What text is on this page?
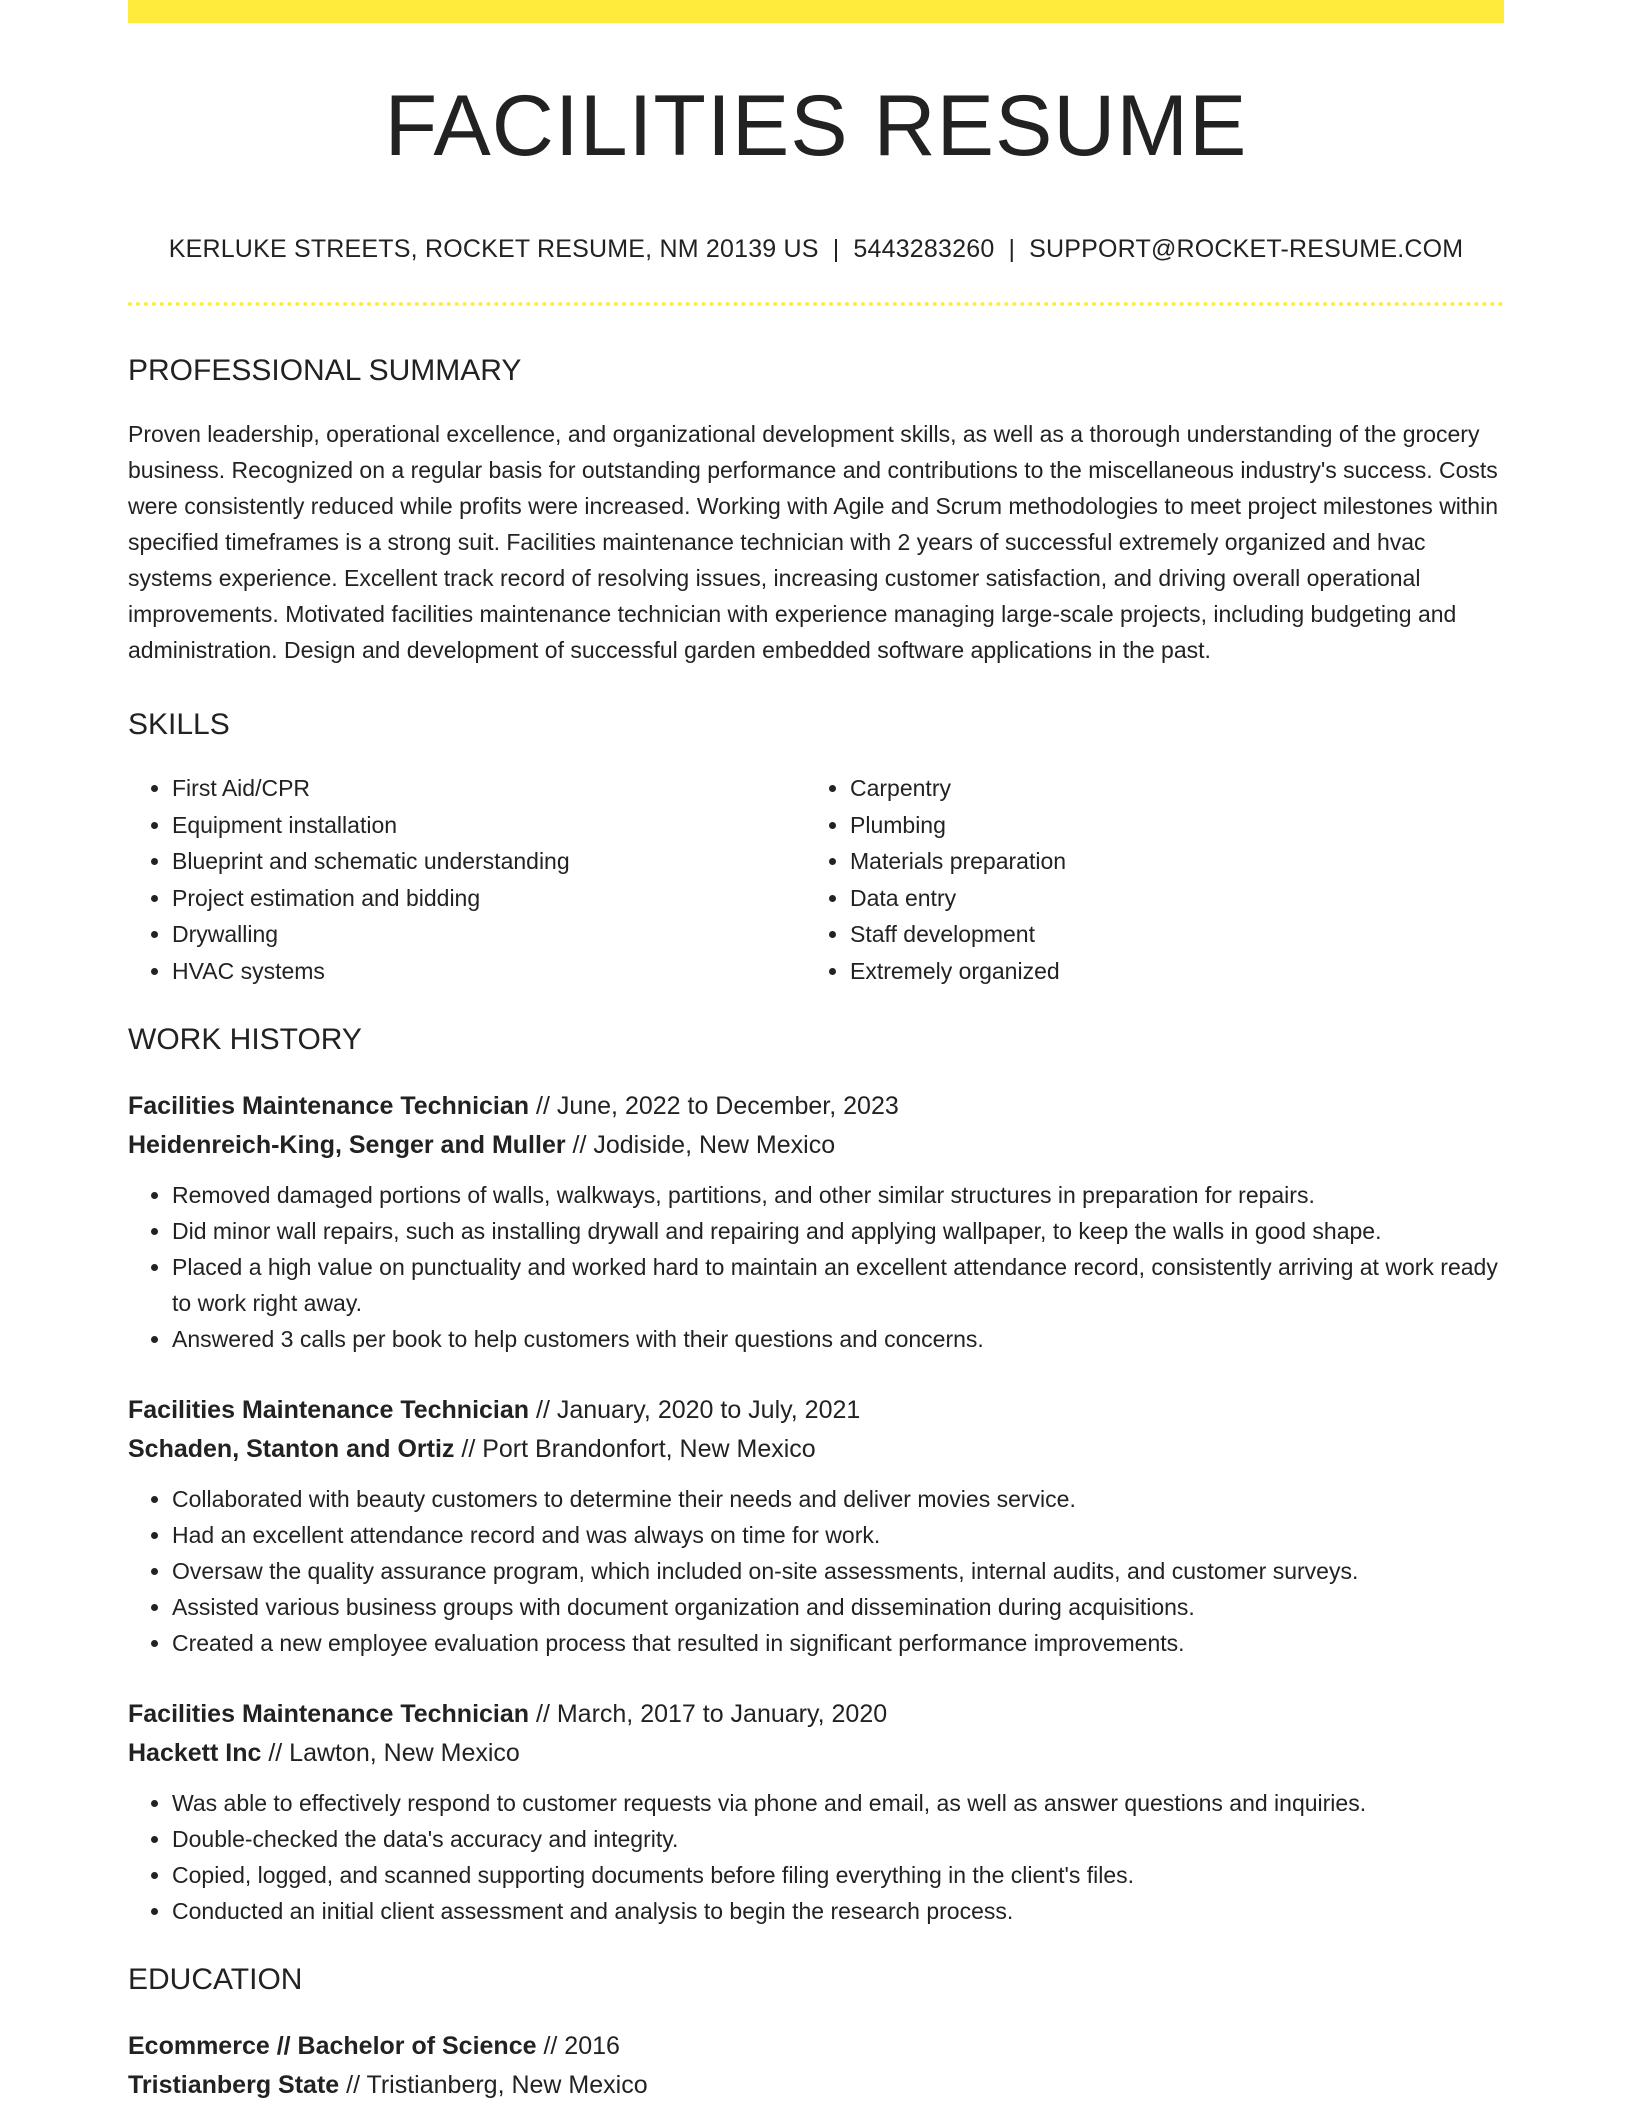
FACILITIES RESUME
KERLUKE STREETS, ROCKET RESUME, NM 20139 US | 5443283260 | SUPPORT@ROCKET-RESUME.COM
PROFESSIONAL SUMMARY

Proven leadership, operational excellence, and organizational development skills, as well as a thorough understanding of the grocery business. Recognized on a regular basis for outstanding performance and contributions to the miscellaneous industry's success. Costs were consistently reduced while profits were increased. Working with Agile and Scrum methodologies to meet project milestones within specified timeframes is a strong suit. Facilities maintenance technician with 2 years of successful extremely organized and hvac systems experience. Excellent track record of resolving issues, increasing customer satisfaction, and driving overall operational improvements. Motivated facilities maintenance technician with experience managing large-scale projects, including budgeting and administration. Design and development of successful garden embedded software applications in the past.

SKILLS
• First Aid/CPR
• Equipment installation
• Blueprint and schematic understanding
• Project estimation and bidding
• Drywalling
• HVAC systems
• Carpentry
• Plumbing
• Materials preparation
• Data entry
• Staff development
• Extremely organized
WORK HISTORY
Facilities Maintenance Technician // June, 2022 to December, 2023
Heidenreich-King, Senger and Muller // Jodiside, New Mexico
• Removed damaged portions of walls, walkways, partitions, and other similar structures in preparation for repairs.
• Did minor wall repairs, such as installing drywall and repairing and applying wallpaper, to keep the walls in good shape.
• Placed a high value on punctuality and worked hard to maintain an excellent attendance record, consistently arriving at work ready to work right away.
• Answered 3 calls per book to help customers with their questions and concerns.
Facilities Maintenance Technician // January, 2020 to July, 2021
Schaden, Stanton and Ortiz // Port Brandonfort, New Mexico
• Collaborated with beauty customers to determine their needs and deliver movies service.
• Had an excellent attendance record and was always on time for work.
• Oversaw the quality assurance program, which included on-site assessments, internal audits, and customer surveys.
• Assisted various business groups with document organization and dissemination during acquisitions.
• Created a new employee evaluation process that resulted in significant performance improvements.
Facilities Maintenance Technician // March, 2017 to January, 2020
Hackett Inc // Lawton, New Mexico
• Was able to effectively respond to customer requests via phone and email, as well as answer questions and inquiries.
• Double-checked the data's accuracy and integrity.
• Copied, logged, and scanned supporting documents before filing everything in the client's files.
• Conducted an initial client assessment and analysis to begin the research process.
EDUCATION
Ecommerce // Bachelor of Science // 2016
Tristianberg State // Tristianberg, New Mexico
